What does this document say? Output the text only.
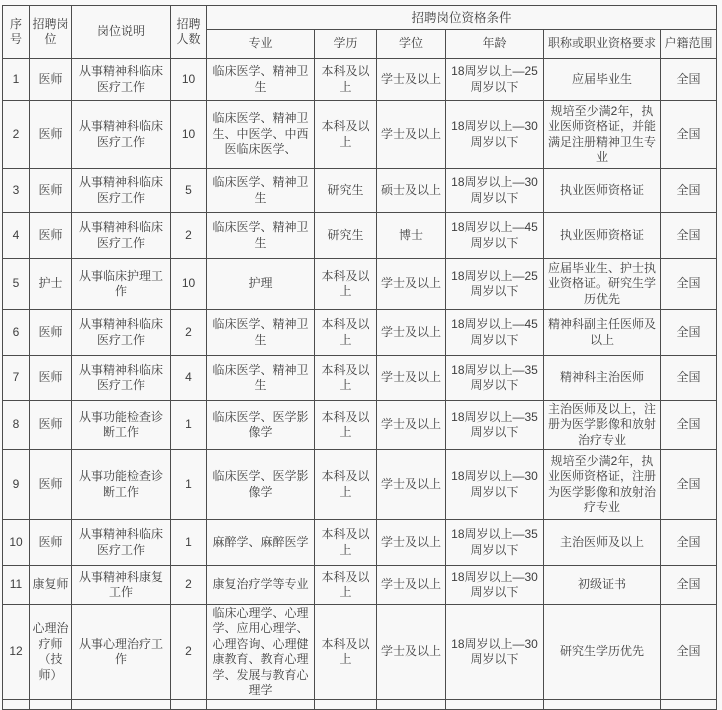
序号	招聘岗位	岗位说明	招聘人数	招聘岗位资格条件					
				专业	学历	学位	年龄	职称或职业资格要求	户籍范围
1	医师	从事精神科临床医疗工作	10	临床医学、精神卫生	本科及以上	学士及以上	18周岁以上—25周岁以下	应届毕业生	全国
2	医师	从事精神科临床医疗工作	10	临床医学、精神卫生、中医学、中西医临床医学、	本科及以上	学士及以上	18周岁以上—30周岁以下	规培至少满2年，执业医师资格证，并能满足注册精神卫生专业	全国
3	医师	从事精神科临床医疗工作	5	临床医学、精神卫生	研究生	硕士及以上	18周岁以上—30周岁以下	执业医师资格证	全国
4	医师	从事精神科临床医疗工作	2	临床医学、精神卫生	研究生	博士	18周岁以上—45周岁以下	执业医师资格证	全国
5	护士	从事临床护理工作	10	护理	本科及以上	学士及以上	18周岁以上—25周岁以下	应届毕业生、护士执业资格证。研究生学历优先	全国
6	医师	从事精神科临床医疗工作	2	临床医学、精神卫生	本科及以上	学士及以上	18周岁以上—45周岁以下	精神科副主任医师及以上	全国
7	医师	从事精神科临床医疗工作	4	临床医学、精神卫生	本科及以上	学士及以上	18周岁以上—35周岁以下	精神科主治医师	全国
8	医师	从事功能检查诊断工作	1	临床医学、医学影像学	本科及以上	学士及以上	18周岁以上—35周岁以下	主治医师及以上，注册为医学影像和放射治疗专业	全国
9	医师	从事功能检查诊断工作	1	临床医学、医学影像学	本科及以上	学士及以上	18周岁以上—30周岁以下	规培至少满2年，执业医师资格证，注册为医学影像和放射治疗专业	全国
10	医师	从事精神科临床医疗工作	1	麻醉学、麻醉医学	本科及以上	学士及以上	18周岁以上—35周岁以下	主治医师及以上	全国
11	康复师	从事精神科康复工作	2	康复治疗学等专业	本科及以上	学士及以上	18周岁以上—30周岁以下	初级证书	全国
12	心理治疗师（技师）	从事心理治疗工作	2	临床心理学、心理学、应用心理学、心理咨询、心理健康教育、教育心理学、发展与教育心理学	本科及以上	学士及以上	18周岁以上—30周岁以下	研究生学历优先	全国
